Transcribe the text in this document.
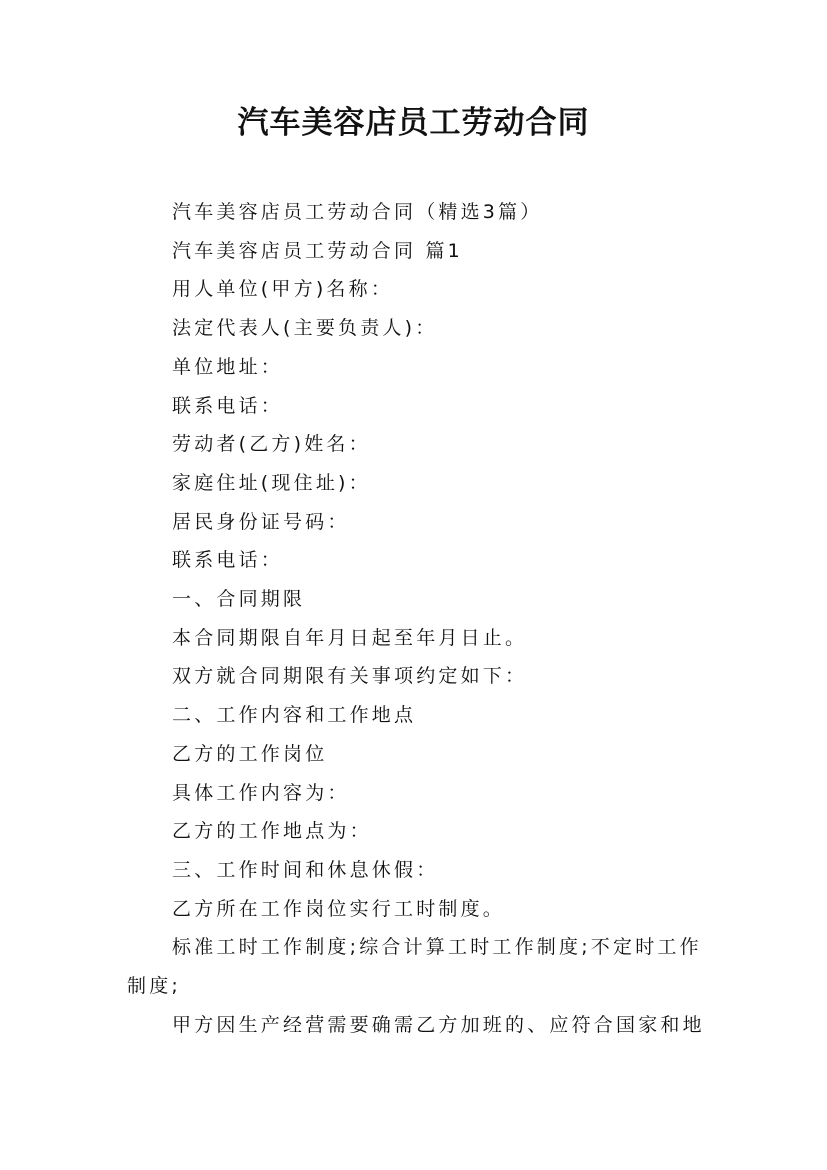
汽车美容店员工劳动合同

汽车美容店员工劳动合同（精选3篇）

汽车美容店员工劳动合同 篇1

用人单位(甲方)名称：

法定代表人(主要负责人)：

单位地址：

联系电话：

劳动者(乙方)姓名：

家庭住址(现住址)：

居民身份证号码：

联系电话：

一、合同期限

本合同期限自年月日起至年月日止。

双方就合同期限有关事项约定如下：

二、工作内容和工作地点

乙方的工作岗位

具体工作内容为：

乙方的工作地点为：

三、工作时间和休息休假：

乙方所在工作岗位实行工时制度。

标准工时工作制度;综合计算工时工作制度;不定时工作制度;

甲方因生产经营需要确需乙方加班的、应符合国家和地
